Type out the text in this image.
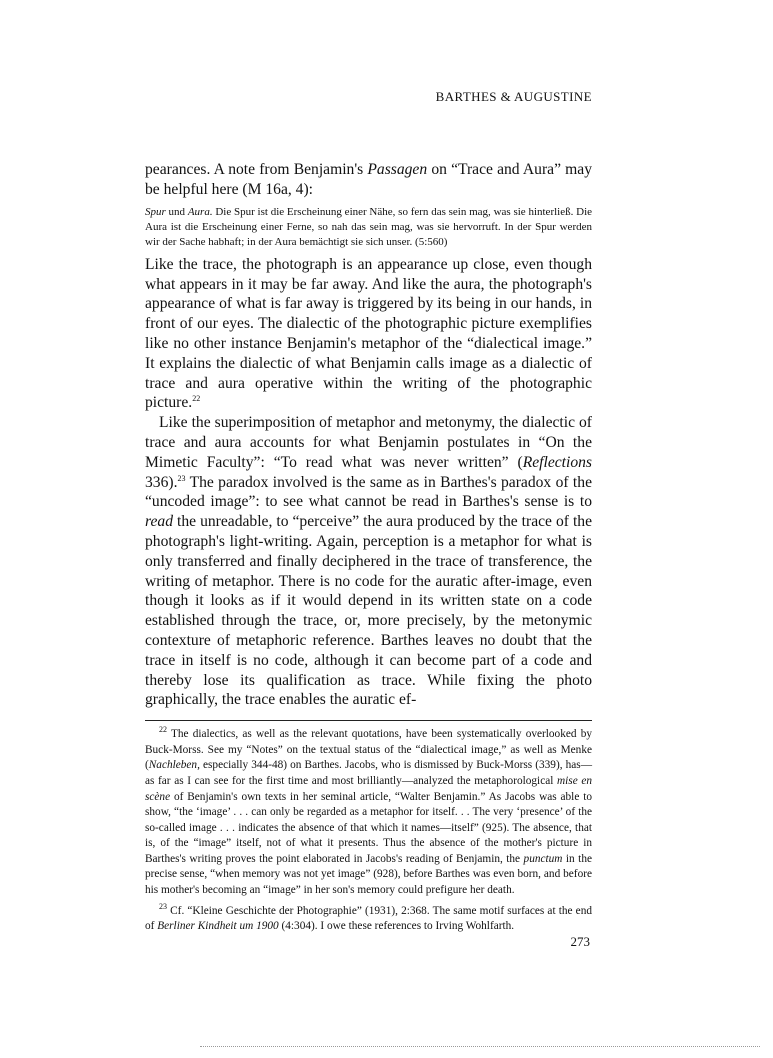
BARTHES & AUGUSTINE

pearances. A note from Benjamin's Passagen on “Trace and Aura” may be helpful here (M 16a, 4):

Spur und Aura. Die Spur ist die Erscheinung einer Nähe, so fern das sein mag, was sie hinterließ. Die Aura ist die Erscheinung einer Ferne, so nah das sein mag, was sie hervorruft. In der Spur werden wir der Sache habhaft; in der Aura bemächtigt sie sich unser. (5:560)

Like the trace, the photograph is an appearance up close, even though what appears in it may be far away. And like the aura, the photograph's appearance of what is far away is triggered by its being in our hands, in front of our eyes. The dialectic of the photographic picture exemplifies like no other instance Benjamin's metaphor of the “dialectical image.” It explains the dialectic of what Benjamin calls image as a dialectic of trace and aura operative within the writing of the photographic picture.$^{22}$

Like the superimposition of metaphor and metonymy, the dialectic of trace and aura accounts for what Benjamin postulates in “On the Mimetic Faculty”: “To read what was never written” (Reflections 336).$^{23}$ The paradox involved is the same as in Barthes's paradox of the “uncoded image”: to see what cannot be read in Barthes's sense is to read the unreadable, to “perceive” the aura produced by the trace of the photograph's light-writing. Again, perception is a metaphor for what is only transferred and finally deciphered in the trace of transference, the writing of metaphor. There is no code for the auratic after-image, even though it looks as if it would depend in its written state on a code established through the trace, or, more precisely, by the metonymic contexture of metaphoric reference. Barthes leaves no doubt that the trace in itself is no code, although it can become part of a code and thereby lose its qualification as trace. While fixing the photo graphically, the trace enables the auratic ef-

$^{22}$ The dialectics, as well as the relevant quotations, have been systematically overlooked by Buck-Morss. See my “Notes” on the textual status of the “dialectical image,” as well as Menke (Nachleben, especially 344-48) on Barthes. Jacobs, who is dismissed by Buck-Morss (339), has—as far as I can see for the first time and most brilliantly—analyzed the metaphorological mise en scène of Benjamin's own texts in her seminal article, “Walter Benjamin.” As Jacobs was able to show, “the ‘image’ . . . can only be regarded as a metaphor for itself. . . The very ‘presence’ of the so-called image . . . indicates the absence of that which it names—itself” (925). The absence, that is, of the “image” itself, not of what it presents. Thus the absence of the mother's picture in Barthes's writing proves the point elaborated in Jacobs's reading of Benjamin, the punctum in the precise sense, “when memory was not yet image” (928), before Barthes was even born, and before his mother's becoming an “image” in her son's memory could prefigure her death.

$^{23}$ Cf. “Kleine Geschichte der Photographie” (1931), 2:368. The same motif surfaces at the end of Berliner Kindheit um 1900 (4:304). I owe these references to Irving Wohlfarth.

273
